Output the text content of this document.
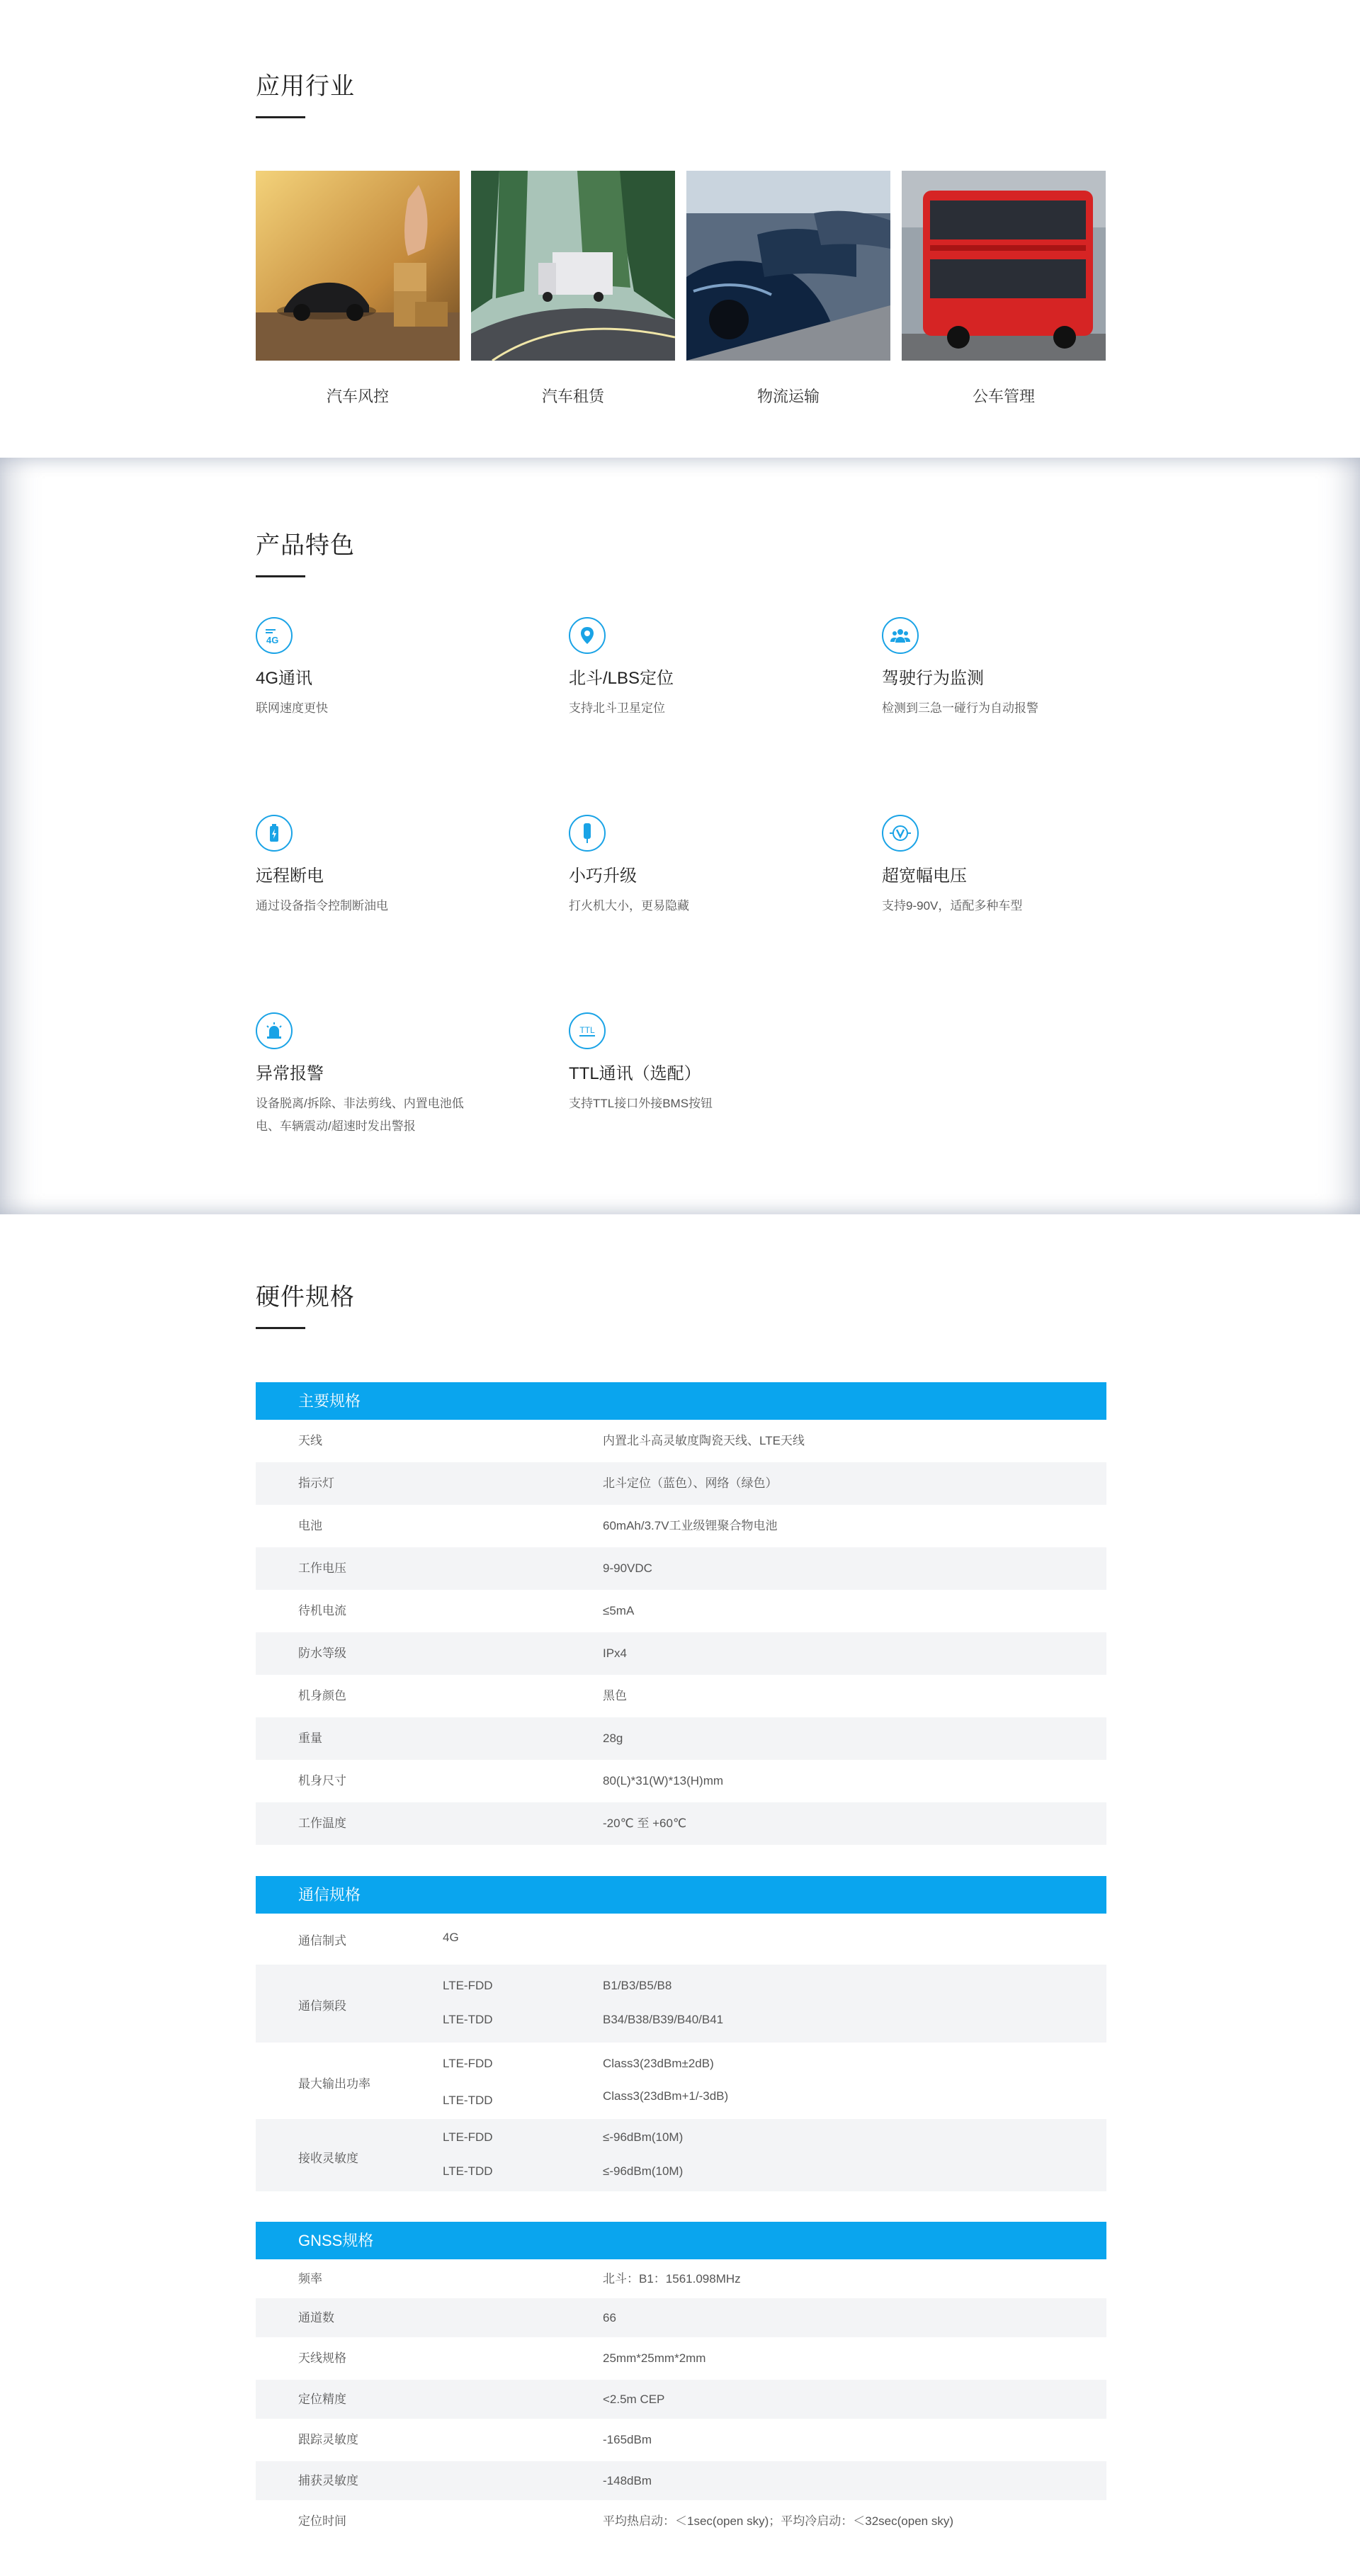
应用行业
汽车风控	汽车租赁	物流运输	公车管理
产品特色
4G
4G通讯
联网速度更快
北斗/LBS定位
支持北斗卫星定位
驾驶行为监测
检测到三急一碰行为自动报警
远程断电
通过设备指令控制断油电
小巧升级
打火机大小，更易隐藏
超宽幅电压
支持9-90V，适配多种车型
异常报警
设备脱离/拆除、非法剪线、内置电池低
电、车辆震动/超速时发出警报
TTL
TTL通讯（选配）
支持TTL接口外接BMS按钮
硬件规格
主要规格
天线	内置北斗高灵敏度陶瓷天线、LTE天线
指示灯	北斗定位（蓝色）、网络（绿色）
电池	60mAh/3.7V工业级锂聚合物电池
工作电压	9-90VDC
待机电流	≤5mA
防水等级	IPx4
机身颜色	黑色
重量	28g
机身尺寸	80(L)*31(W)*13(H)mm
工作温度	-20℃ 至 +60℃
通信规格
通信制式	4G
通信频段
LTE-FDD	B1/B3/B5/B8
LTE-TDD	B34/B38/B39/B40/B41
最大输出功率
LTE-FDD	Class3(23dBm±2dB)
LTE-TDD	Class3(23dBm+1/-3dB)
接收灵敏度
LTE-FDD	≤-96dBm(10M)
LTE-TDD	≤-96dBm(10M)
GNSS规格
频率	北斗：B1：1561.098MHz
通道数	66
天线规格	25mm*25mm*2mm
定位精度	<2.5m CEP
跟踪灵敏度	-165dBm
捕获灵敏度	-148dBm
定位时间	平均热启动：＜1sec(open sky)；平均冷启动：＜32sec(open sky)
